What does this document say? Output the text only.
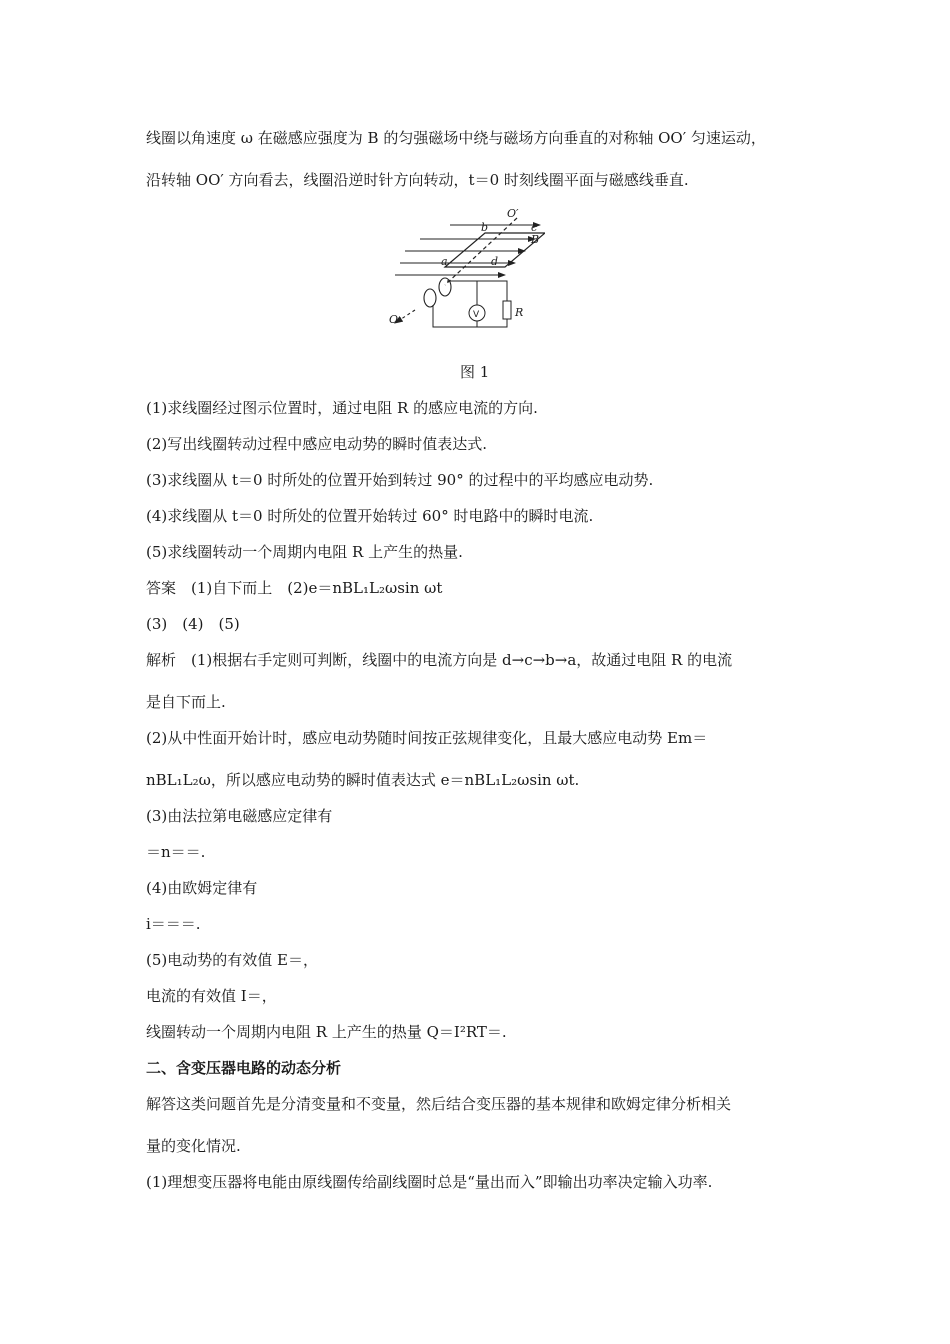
线圈以角速度 ω 在磁感应强度为 B 的匀强磁场中绕与磁场方向垂直的对称轴 OO′ 匀速运动，
沿转轴 OO′ 方向看去，线圈沿逆时针方向转动，t＝0 时刻线圈平面与磁感线垂直.
O′
b	c
B
a	d
R
O	V
图 1
(1)求线圈经过图示位置时，通过电阻 R 的感应电流的方向.
(2)写出线圈转动过程中感应电动势的瞬时值表达式.
(3)求线圈从 t＝0 时所处的位置开始到转过 90° 的过程中的平均感应电动势.
(4)求线圈从 t＝0 时所处的位置开始转过 60° 时电路中的瞬时电流.
(5)求线圈转动一个周期内电阻 R 上产生的热量.
答案　(1)自下而上　(2)e＝nBL₁L₂ωsin ωt
(3)　(4)　(5)
解析　(1)根据右手定则可判断，线圈中的电流方向是 d→c→b→a，故通过电阻 R 的电流
是自下而上.
(2)从中性面开始计时，感应电动势随时间按正弦规律变化，且最大感应电动势 Em＝
nBL₁L₂ω，所以感应电动势的瞬时值表达式 e＝nBL₁L₂ωsin ωt.
(3)由法拉第电磁感应定律有
＝n＝＝.
(4)由欧姆定律有
i＝＝＝.
(5)电动势的有效值 E＝，
电流的有效值 I＝，
线圈转动一个周期内电阻 R 上产生的热量 Q＝I²RT＝.
二、含变压器电路的动态分析
解答这类问题首先是分清变量和不变量，然后结合变压器的基本规律和欧姆定律分析相关
量的变化情况.
(1)理想变压器将电能由原线圈传给副线圈时总是“量出而入”即输出功率决定输入功率.
